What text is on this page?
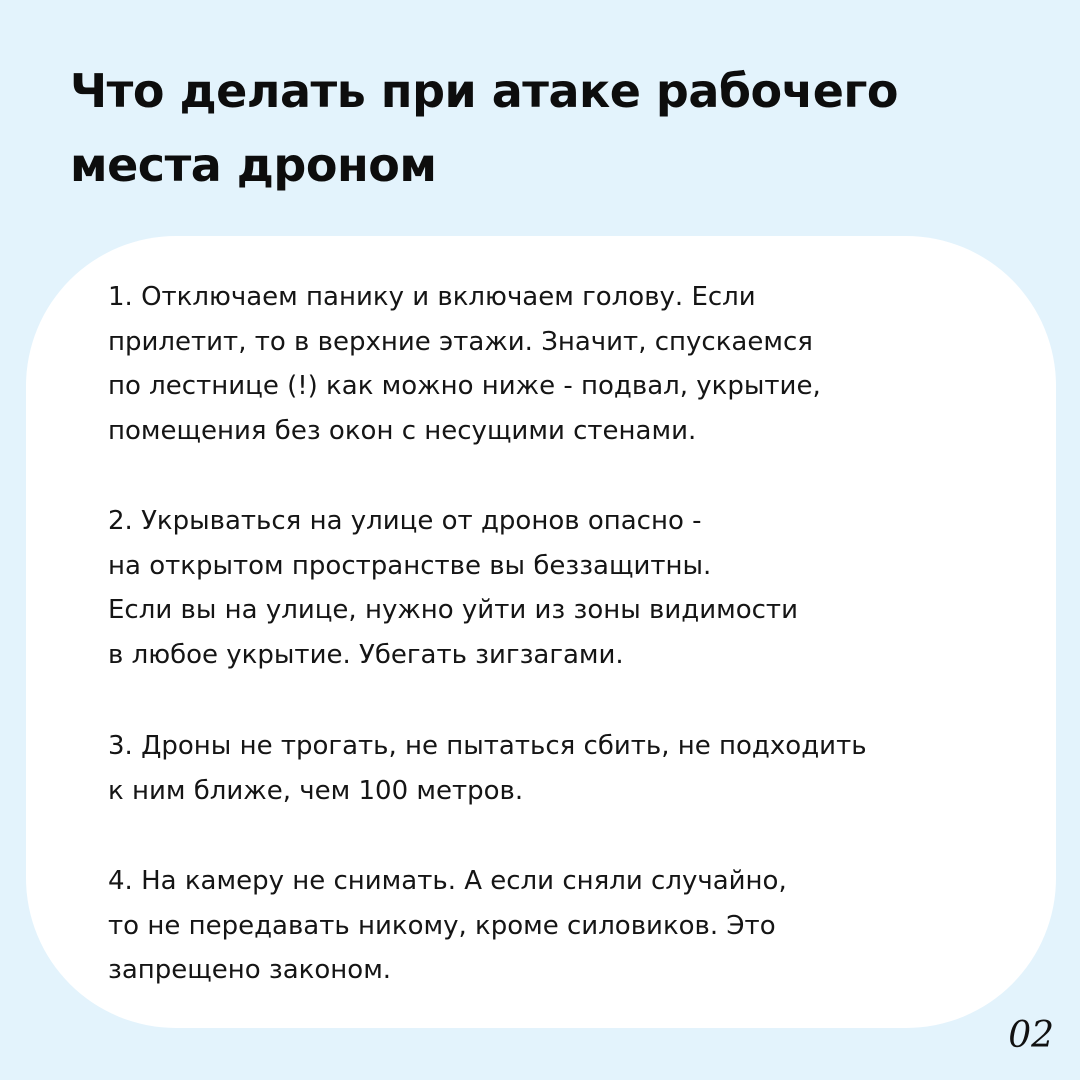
Что делать при атаке рабочего
места дроном
1. Отключаем панику и включаем голову. Если
прилетит, то в верхние этажи. Значит, спускаемся
по лестнице (!) как можно ниже - подвал, укрытие,
помещения без окон с несущими стенами.
2. Укрываться на улице от дронов опасно -
на открытом пространстве вы беззащитны.
Если вы на улице, нужно уйти из зоны видимости
в любое укрытие. Убегать зигзагами.
3. Дроны не трогать, не пытаться сбить, не подходить
к ним ближе, чем 100 метров.
4. На камеру не снимать. А если сняли случайно,
то не передавать никому, кроме силовиков. Это
запрещено законом.
02
